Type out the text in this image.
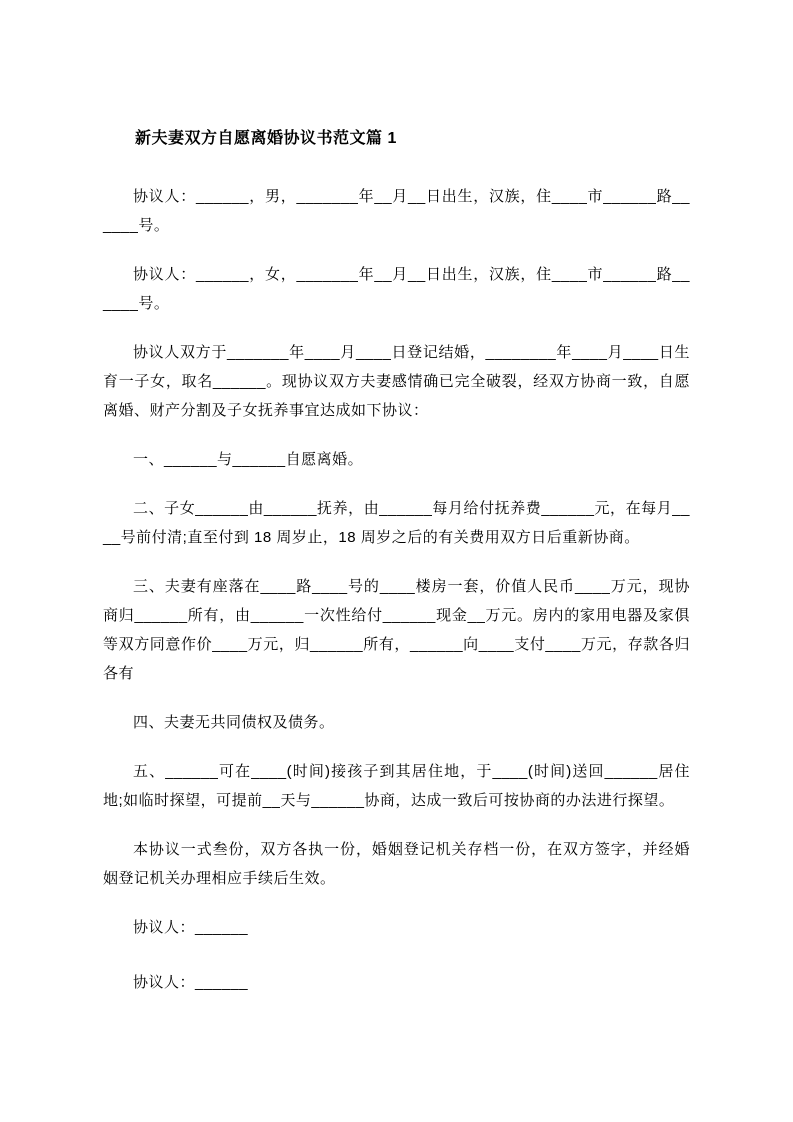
新夫妻双方自愿离婚协议书范文篇 1

协议人：______，男，_______年__月__日出生，汉族，住____市______路______号。

协议人：______，女，_______年__月__日出生，汉族，住____市______路______号。

协议人双方于_______年____月____日登记结婚，________年____月____日生育一子女，取名______。现协议双方夫妻感情确已完全破裂，经双方协商一致，自愿离婚、财产分割及子女抚养事宜达成如下协议：

一、______与______自愿离婚。

二、子女______由______抚养，由______每月给付抚养费______元，在每月____号前付清;直至付到 18 周岁止，18 周岁之后的有关费用双方日后重新协商。

三、夫妻有座落在____路____号的____楼房一套，价值人民币____万元，现协商归______所有，由______一次性给付______现金__万元。房内的家用电器及家俱等双方同意作价____万元，归______所有，______向____支付____万元，存款各归各有

四、夫妻无共同债权及债务。

五、______可在____(时间)接孩子到其居住地，于____(时间)送回______居住地;如临时探望，可提前__天与______协商，达成一致后可按协商的办法进行探望。

本协议一式叁份，双方各执一份，婚姻登记机关存档一份，在双方签字，并经婚姻登记机关办理相应手续后生效。

协议人：______

协议人：______
